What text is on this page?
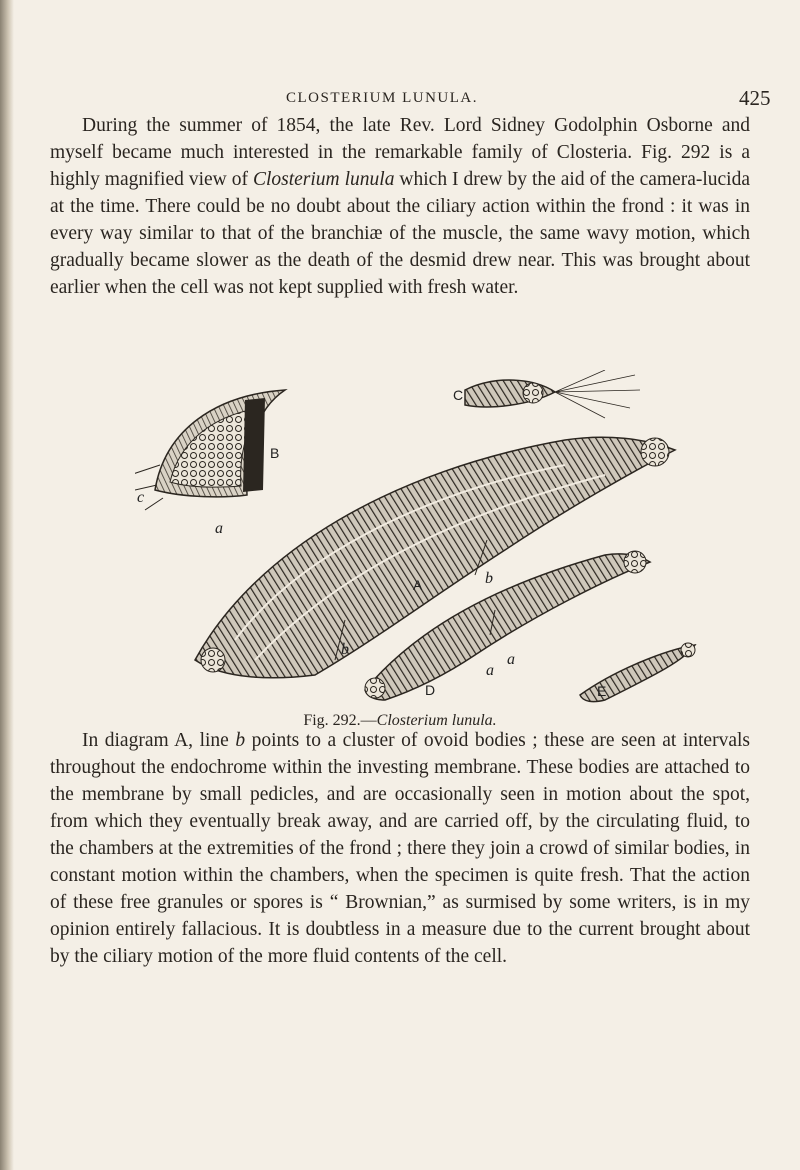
CLOSTERIUM LUNULA.	425

During the summer of 1854, the late Rev. Lord Sidney Godolphin Osborne and myself became much interested in the remarkable family of Closteria. Fig. 292 is a highly magnified view of Closterium lunula which I drew by the aid of the camera-lucida at the time. There could be no doubt about the ciliary action within the frond : it was in every way similar to that of the branchiæ of the muscle, the same wavy motion, which gradually became slower as the death of the desmid drew near. This was brought about earlier when the cell was not kept supplied with fresh water.

B
C
A
D	E
c
a
b
b
a
a
Fig. 292.—Closterium lunula.

In diagram A, line b points to a cluster of ovoid bodies ; these are seen at intervals throughout the endochrome within the investing membrane. These bodies are attached to the membrane by small pedicles, and are occasionally seen in motion about the spot, from which they eventually break away, and are carried off, by the circulating fluid, to the chambers at the extremities of the frond ; there they join a crowd of similar bodies, in constant motion within the chambers, when the specimen is quite fresh. That the action of these free granules or spores is “ Brownian,” as surmised by some writers, is in my opinion entirely fallacious. It is doubtless in a measure due to the current brought about by the ciliary motion of the more fluid contents of the cell.
